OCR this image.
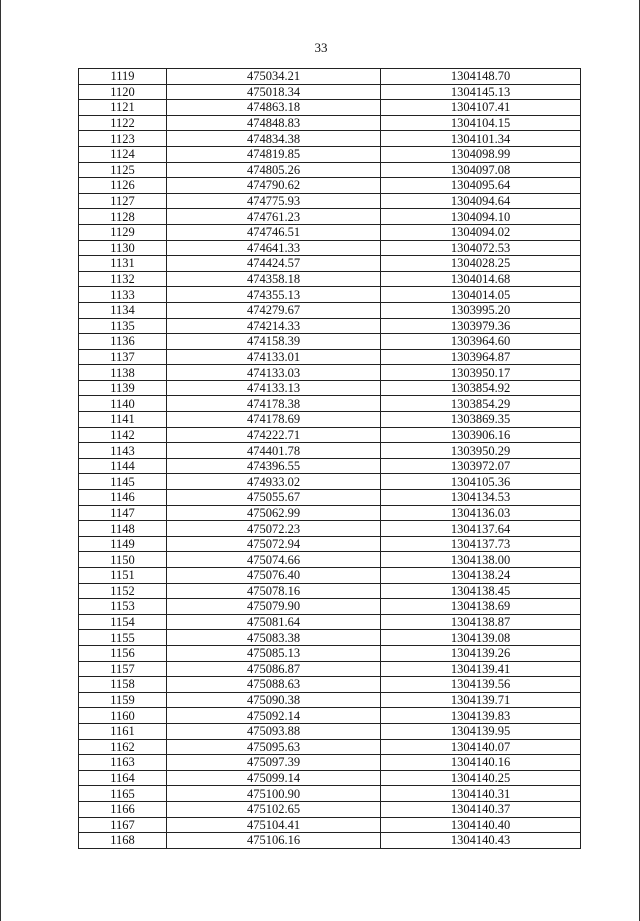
33
1119	475034.21	1304148.70
1120	475018.34	1304145.13
1121	474863.18	1304107.41
1122	474848.83	1304104.15
1123	474834.38	1304101.34
1124	474819.85	1304098.99
1125	474805.26	1304097.08
1126	474790.62	1304095.64
1127	474775.93	1304094.64
1128	474761.23	1304094.10
1129	474746.51	1304094.02
1130	474641.33	1304072.53
1131	474424.57	1304028.25
1132	474358.18	1304014.68
1133	474355.13	1304014.05
1134	474279.67	1303995.20
1135	474214.33	1303979.36
1136	474158.39	1303964.60
1137	474133.01	1303964.87
1138	474133.03	1303950.17
1139	474133.13	1303854.92
1140	474178.38	1303854.29
1141	474178.69	1303869.35
1142	474222.71	1303906.16
1143	474401.78	1303950.29
1144	474396.55	1303972.07
1145	474933.02	1304105.36
1146	475055.67	1304134.53
1147	475062.99	1304136.03
1148	475072.23	1304137.64
1149	475072.94	1304137.73
1150	475074.66	1304138.00
1151	475076.40	1304138.24
1152	475078.16	1304138.45
1153	475079.90	1304138.69
1154	475081.64	1304138.87
1155	475083.38	1304139.08
1156	475085.13	1304139.26
1157	475086.87	1304139.41
1158	475088.63	1304139.56
1159	475090.38	1304139.71
1160	475092.14	1304139.83
1161	475093.88	1304139.95
1162	475095.63	1304140.07
1163	475097.39	1304140.16
1164	475099.14	1304140.25
1165	475100.90	1304140.31
1166	475102.65	1304140.37
1167	475104.41	1304140.40
1168	475106.16	1304140.43
